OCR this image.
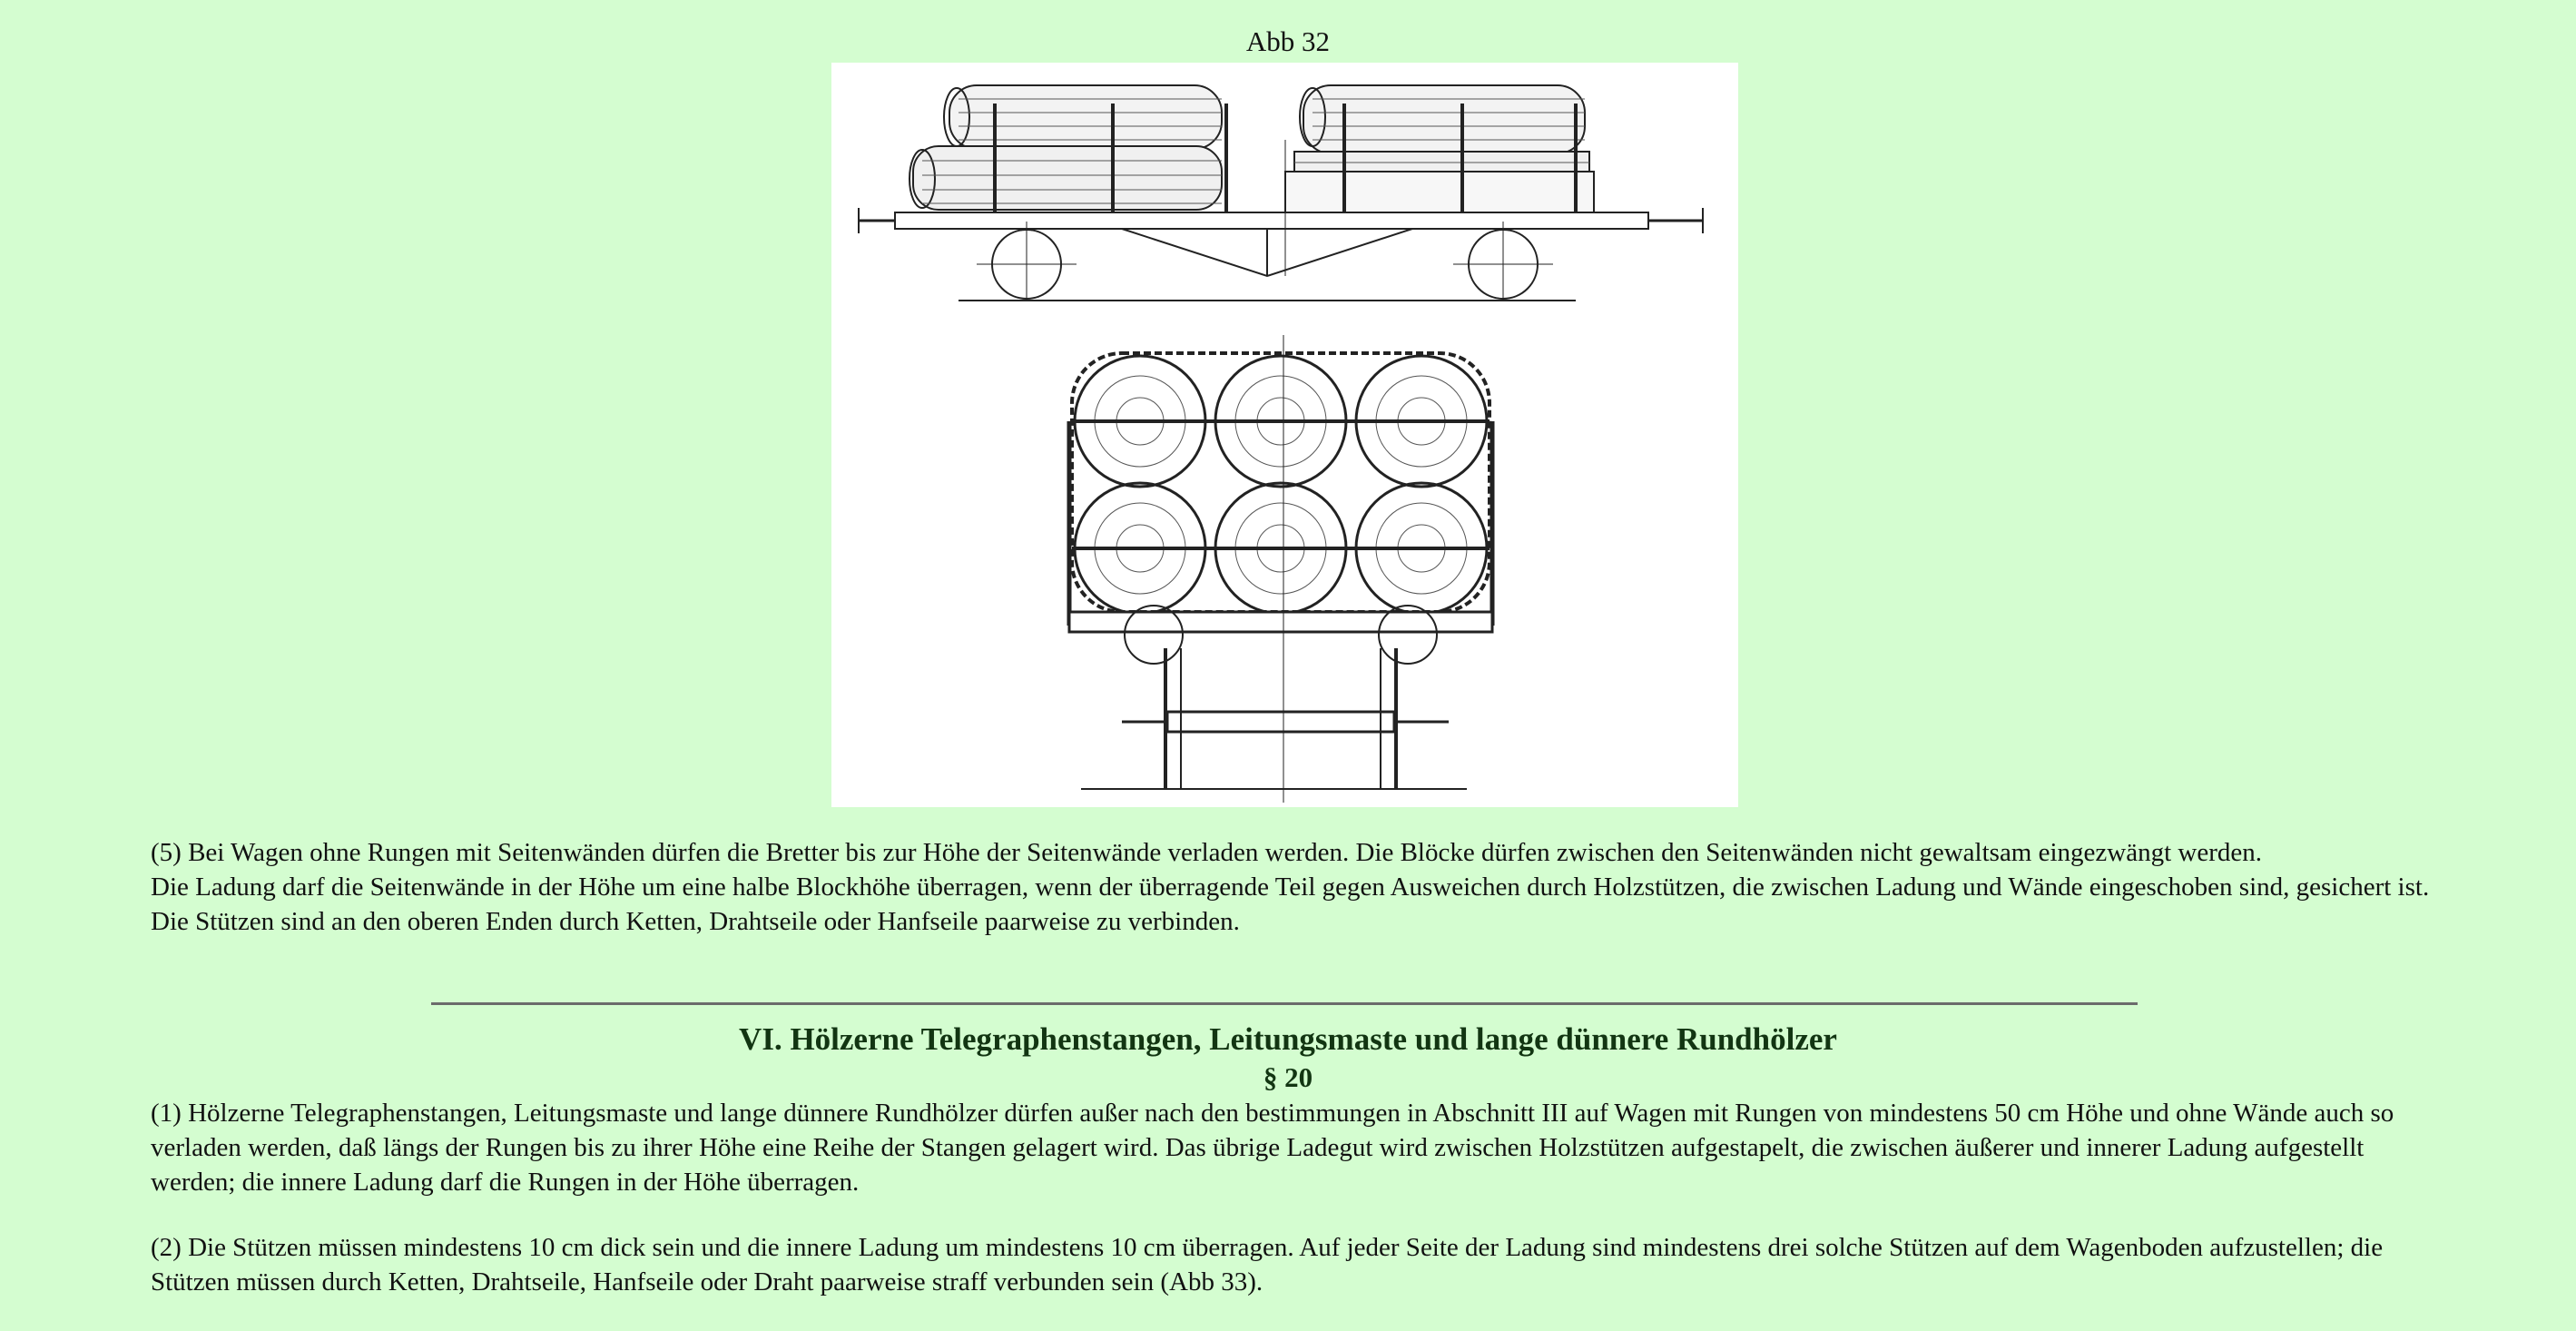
Abb 32

(5) Bei Wagen ohne Rungen mit Seitenwänden dürfen die Bretter bis zur Höhe der Seitenwände verladen werden. Die Blöcke dürfen zwischen den Seitenwänden nicht gewaltsam eingezwängt werden.

Die Ladung darf die Seitenwände in der Höhe um eine halbe Blockhöhe überragen, wenn der überragende Teil gegen Ausweichen durch Holzstützen, die zwischen Ladung und Wände eingeschoben sind, gesichert ist. Die Stützen sind an den oberen Enden durch Ketten, Drahtseile oder Hanfseile paarweise zu verbinden.

VI. Hölzerne Telegraphenstangen, Leitungsmaste und lange dünnere Rundhölzer
§ 20

(1) Hölzerne Telegraphenstangen, Leitungsmaste und lange dünnere Rundhölzer dürfen außer nach den bestimmungen in Abschnitt III auf Wagen mit Rungen von mindestens 50 cm Höhe und ohne Wände auch so verladen werden, daß längs der Rungen bis zu ihrer Höhe eine Reihe der Stangen gelagert wird. Das übrige Ladegut wird zwischen Holzstützen aufgestapelt, die zwischen äußerer und innerer Ladung aufgestellt werden; die innere Ladung darf die Rungen in der Höhe überragen.

(2) Die Stützen müssen mindestens 10 cm dick sein und die innere Ladung um mindestens 10 cm überragen. Auf jeder Seite der Ladung sind mindestens drei solche Stützen auf dem Wagenboden aufzustellen; die Stützen müssen durch Ketten, Drahtseile, Hanfseile oder Draht paarweise straff verbunden sein (Abb 33).
